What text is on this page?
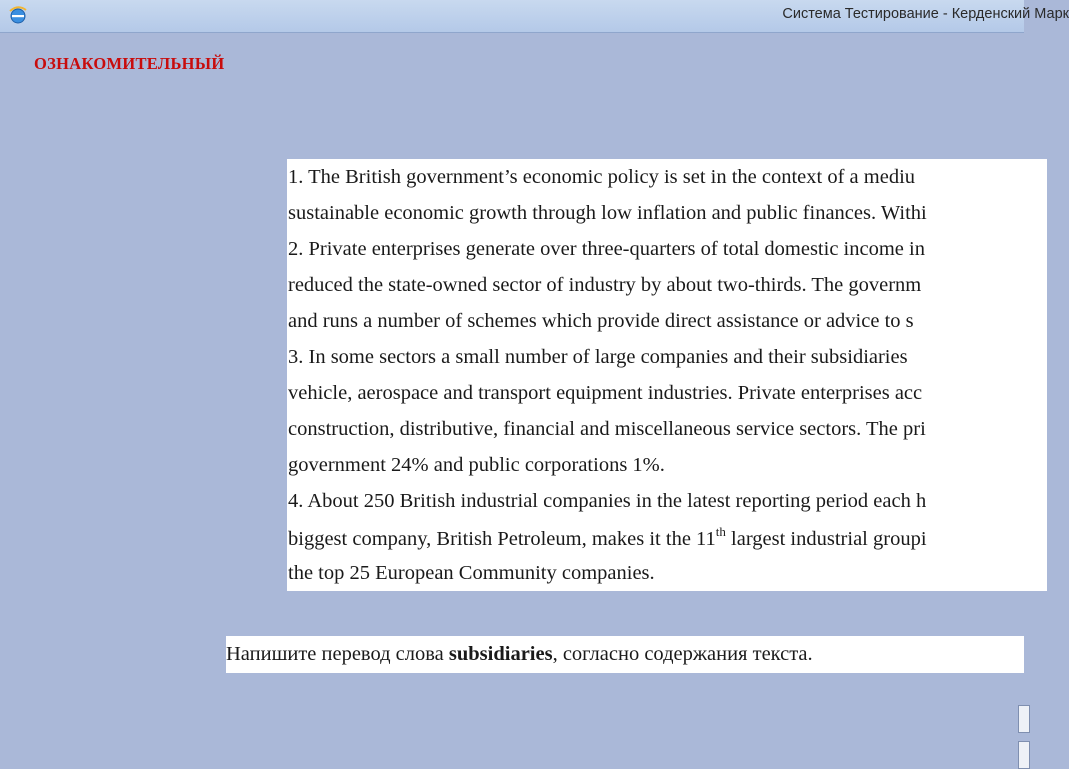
Система Тестирование - Керденский Марк
ОЗНАКОМИТЕЛЬНЫЙ
1. The British government’s economic policy is set in the context of a mediu
sustainable economic growth through low inflation and public finances. Withi
2. Private enterprises generate over three-quarters of total domestic income in
reduced the state-owned sector of industry by about two-thirds. The governm
and runs a number of schemes which provide direct assistance or advice to s
3. In some sectors a small number of large companies and their subsidiaries
vehicle, aerospace and transport equipment industries. Private enterprises acc
construction, distributive, financial and miscellaneous service sectors. The pri
government 24% and public corporations 1%.
4. About 250 British industrial companies in the latest reporting period each h
biggest company, British Petroleum, makes it the 11th largest industrial groupi
the top 25 European Community companies.
Напишите перевод слова subsidiaries, согласно содержания текста.
